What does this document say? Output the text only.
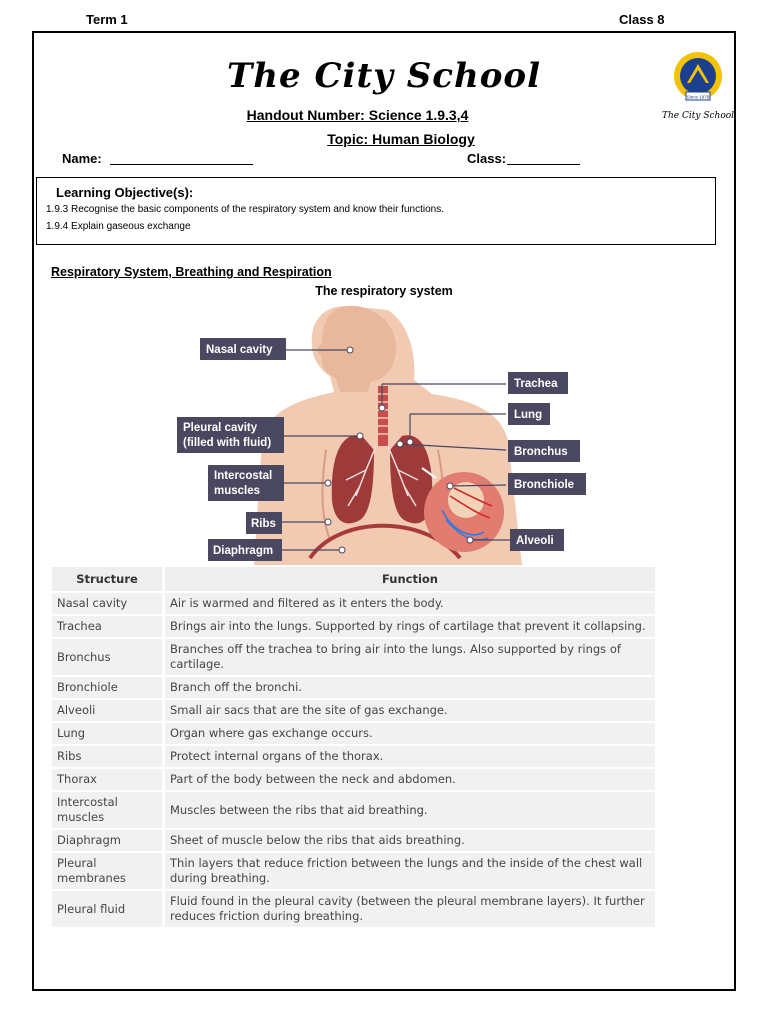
Term 1	Class 8
The City School
Since 1978
The City School
Handout Number: Science 1.9.3,4
Topic: Human Biology
Name:	Class:
Learning Objective(s):
1.9.3 Recognise the basic components of the respiratory system and know their functions.
1.9.4 Explain gaseous exchange
Respiratory System, Breathing and Respiration
The respiratory system
Nasal cavity
Pleural cavity
(filled with fluid)
Intercostal
muscles
Ribs
Diaphragm
Trachea
Lung
Bronchus
Bronchiole
Alveoli
Structure	Function
Nasal cavity	Air is warmed and filtered as it enters the body.
Trachea	Brings air into the lungs. Supported by rings of cartilage that prevent it collapsing.
Bronchus	Branches off the trachea to bring air into the lungs. Also supported by rings of cartilage.
Bronchiole	Branch off the bronchi.
Alveoli	Small air sacs that are the site of gas exchange.
Lung	Organ where gas exchange occurs.
Ribs	Protect internal organs of the thorax.
Thorax	Part of the body between the neck and abdomen.
Intercostal muscles	Muscles between the ribs that aid breathing.
Diaphragm	Sheet of muscle below the ribs that aids breathing.
Pleural membranes	Thin layers that reduce friction between the lungs and the inside of the chest wall during breathing.
Pleural fluid	Fluid found in the pleural cavity (between the pleural membrane layers). It further reduces friction during breathing.
